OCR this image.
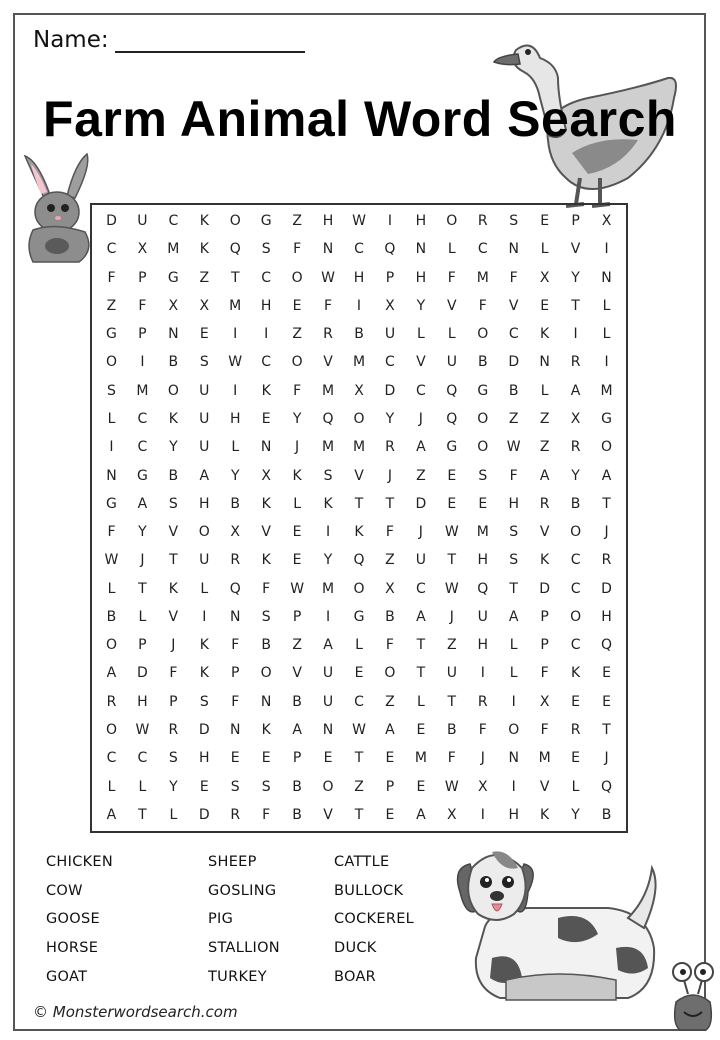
Name:
Farm Animal Word Search
D	U	C	K	O	G	Z	H	W	I	H	O	R	S	E	P	X
C	X	M	K	Q	S	F	N	C	Q	N	L	C	N	L	V	I
F	P	G	Z	T	C	O	W	H	P	H	F	M	F	X	Y	N
Z	F	X	X	M	H	E	F	I	X	Y	V	F	V	E	T	L
G	P	N	E	I	I	Z	R	B	U	L	L	O	C	K	I	L
O	I	B	S	W	C	O	V	M	C	V	U	B	D	N	R	I
S	M	O	U	I	K	F	M	X	D	C	Q	G	B	L	A	M
L	C	K	U	H	E	Y	Q	O	Y	J	Q	O	Z	Z	X	G
I	C	Y	U	L	N	J	M	M	R	A	G	O	W	Z	R	O
N	G	B	A	Y	X	K	S	V	J	Z	E	S	F	A	Y	A
G	A	S	H	B	K	L	K	T	T	D	E	E	H	R	B	T
F	Y	V	O	X	V	E	I	K	F	J	W	M	S	V	O	J
W	J	T	U	R	K	E	Y	Q	Z	U	T	H	S	K	C	R
L	T	K	L	Q	F	W	M	O	X	C	W	Q	T	D	C	D
B	L	V	I	N	S	P	I	G	B	A	J	U	A	P	O	H
O	P	J	K	F	B	Z	A	L	F	T	Z	H	L	P	C	Q
A	D	F	K	P	O	V	U	E	O	T	U	I	L	F	K	E
R	H	P	S	F	N	B	U	C	Z	L	T	R	I	X	E	E
O	W	R	D	N	K	A	N	W	A	E	B	F	O	F	R	T
C	C	S	H	E	E	P	E	T	E	M	F	J	N	M	E	J
L	L	Y	E	S	S	B	O	Z	P	E	W	X	I	V	L	Q
A	T	L	D	R	F	B	V	T	E	A	X	I	H	K	Y	B
CHICKEN
COW
GOOSE
HORSE
GOAT
SHEEP
GOSLING
PIG
STALLION
TURKEY
CATTLE
BULLOCK
COCKEREL
DUCK
BOAR
© Monsterwordsearch.com
